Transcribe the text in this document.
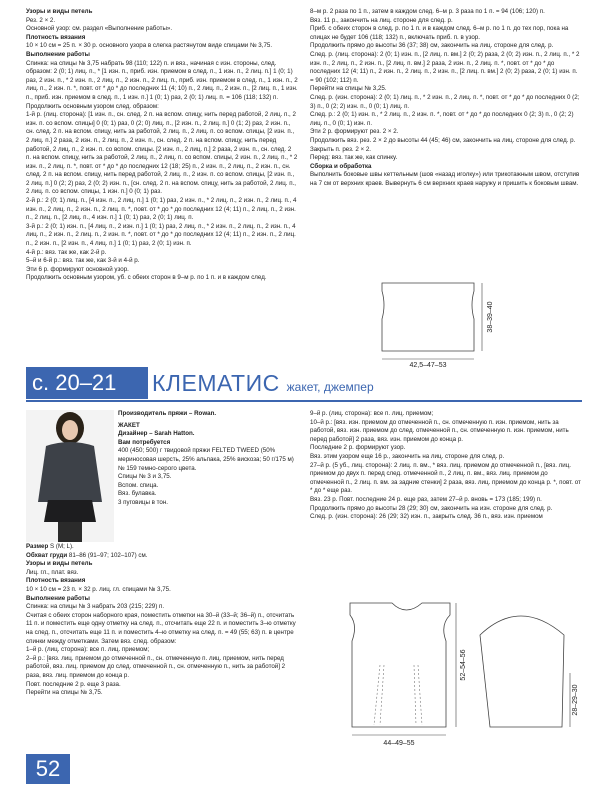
Узоры и виды петель

Рез. 2 × 2.

Основной узор: см. раздел «Выполнение работы».

Плотность вязания

10 × 10 см = 25 п. × 30 р. основного узора в слегка растянутом виде спицами № 3,75.

Выполнение работы

Спинка: на спицы № 3,75 набрать 98 (110; 122) п. и вяз., начиная с изн. стороны, след. образом: 2 (0; 1) лиц. п., * [1 изн. п., приб. изн. приемом в след. п., 1 изн. п., 2 лиц. п.] 1 (0; 1) раз, 2 изн. п., * 2 изн. п., 2 лиц. п., 2 изн. п., 2 лиц. п., приб. изн. приемом в след. п., 1 изн. п., 2 лиц. п., 2 изн. п. *, повт. от * до * до последних 11 (4; 10) п., 2 лиц. п., 2 изн. п., [2 лиц. п., 1 изн. п., приб. изн. приемом в след. п., 1 изн. п.] 1 (0; 1) раз, 2 (0; 1) лиц. п. = 106 (118; 132) п.

Продолжить основным узором след. образом:

1-й р. (лиц. сторона): [1 изн. п., сн. след. 2 п. на вспом. спицу, нить перед работой, 2 лиц. п., 2 изн. п. со вспом. спицы] 0 (0; 1) раз, 0 (2; 0) лиц. п., [2 изн. п., 2 лиц. п.] 0 (1; 2) раз, 2 изн. п., сн. след. 2 п. на вспом. спицу, нить за работой, 2 лиц. п., 2 лиц. п. со вспом. спицы, [2 изн. п., 2 лиц. п.] 2 раза, 2 изн. п., 2 лиц. п., 2 изн. п., сн. след. 2 п. на вспом. спицу, нить перед работой, 2 лиц. п., 2 изн. п. со вспом. спицы. [2 изн. п., 2 лиц. п.] 2 раза, 2 изн. п., сн. след. 2 п. на вспом. спицу, нить за работой, 2 лиц. п., 2 лиц. п. со вспом. спицы, 2 изн. п., 2 лиц. п., * 2 изн. п., 2 лиц. п. *, повт. от * до * до последних 12 (18; 25) п., 2 изн. п., 2 лиц. п., 2 изн. п., сн. след. 2 п. на вспом. спицу, нить перед работой, 2 лиц. п., 2 изн. п. со вспом. спицы, [2 изн. п., 2 лиц. п.] 0 (2; 2) раз, 2 (0; 2) изн. п., [сн. след. 2 п. на вспом. спицу, нить за работой, 2 лиц. п., 2 лиц. п. со вспом. спицы, 1 изн. п.] 0 (0; 1) раз.

2-й р.: 2 (0; 1) лиц. п., [4 изн. п., 2 лиц. п.] 1 (0; 1) раз, 2 изн. п., * 2 лиц. п., 2 изн. п., 2 лиц. п., 4 изн. п., 2 лиц. п., 2 изн. п., 2 лиц. п. *, повт. от * до * до последних 12 (4; 11) п., 2 лиц. п., 2 изн. п., 2 лиц. п., [2 лиц. п., 4 изн. п.] 1 (0; 1) раз, 2 (0; 1) лиц. п.

3-й р.: 2 (0; 1) изн. п., [4 лиц. п., 2 изн. п.] 1 (0; 1) раз, 2 лиц. п., * 2 изн. п., 2 лиц. п., 2 изн. п., 4 лиц. п., 2 изн. п., 2 лиц. п., 2 изн. п. *, повт. от * до * до последних 12 (4; 11) п., 2 изн. п., 2 лиц. п., 2 изн. п., [2 изн. п., 4 лиц. п.] 1 (0; 1) раз, 2 (0; 1) изн. п.

4-й р.: вяз. так же, как 2-й р.

5–й и 6-й р.: вяз. так же, как 3-й и 4-й р.

Эти 6 р. формируют основной узор.

Продолжить основным узором, уб. с обеих сторон в 9–м р. по 1 п. и в каждом след.

8–м р. 2 раза по 1 п., затем в каждом след. 6–м р. 3 раза по 1 п. = 94 (106; 120) п.

Вяз. 11 р., закончить на лиц. стороне для след. р.

Приб. с обеих сторон в след. р. по 1 п. и в каждом след. 6–м р. по 1 п. до тех пор, пока на спицах не будет 106 (118; 132) п., включать приб. п. в узор.

Продолжить прямо до высоты 36 (37; 38) см, закончить на лиц. стороне для след. р.

След. р. (лиц. сторона): 2 (0; 1) изн. п., [2 лиц. п. вм.] 2 (0; 2) раза, 2 (0; 2) изн. п., 2 лиц. п., * 2 изн. п., 2 лиц. п., 2 изн. п., [2 лиц. п. вм.] 2 раза, 2 изн. п., 2 лиц. п. *, повт. от * до * до последних 12 (4; 11) п., 2 изн. п., 2 лиц. п., 2 изн. п., [2 лиц. п. вм.] 2 (0; 2) раза, 2 (0; 1) изн. п. = 90 (102; 112) п.

Перейти на спицы № 3,25.

След. р. (изн. сторона): 2 (0; 1) лиц. п., * 2 изн. п., 2 лиц. п. *, повт. от * до * до последних 0 (2; 3) п., 0 (2; 2) изн. п., 0 (0; 1) лиц. п.

След. р.: 2 (0; 1) изн. п., * 2 лиц. п., 2 изн. п. *, повт. от * до * до последних 0 (2; 3) п., 0 (2; 2) лиц. п., 0 (0; 1) изн. п.

Эти 2 р. формируют рез. 2 × 2.

Продолжить вяз. рез. 2 × 2 до высоты 44 (45; 46) см, закончить на лиц. стороне для след. р.

Закрыть п. рез. 2 × 2.

Перед: вяз. так же, как спинку.

Сборка и обработка

Выполнить боковые швы кеттельным (шов «назад иголку») или трикотажным швом, отступив на 7 см от верхних краев. Вывернуть 6 см верхних краев наружу и пришить к боковым швам.

42,5–47–53
38–39–40
с. 20–21	КЛЕМАТИС жакет, джемпер

Производитель пряжи – Rowan.

ЖАКЕТ

Дизайнер – Sarah Hatton.

Вам потребуется

400 (450; 500) г твидовой пряжи FELTED TWEED (50% мериносовая шерсть, 25% альпака, 25% вискоза; 50 г/175 м) № 159 темно-серого цвета.

Спицы № 3 и 3,75.

Вспом. спица.

Вяз. булавка.

3 пуговицы в тон.

Размер S (M; L).

Обхват груди 81–86 (91–97; 102–107) см.

Узоры и виды петель

Лиц. гл., плат. вяз.

Плотность вязания

10 × 10 см = 23 п. × 32 р. лиц. гл. спицами № 3,75.

Выполнение работы

Спинка: на спицы № 3 набрать 203 (215; 229) п.

Считая с обеих сторон наборного края, поместить отметки на 30–й (33–й; 36–й) п., отсчитать 11 п. и поместить еще одну отметку на след. п., отсчитать еще 22 п. и поместить 3–ю отметку на след. п., отсчитать еще 11 п. и поместить 4–ю отметку на след. п. = 49 (55; 63) п. в центре спинки между отметками. Затем вяз. след. образом:

1–й р. (лиц. сторона): все п. лиц. приемом;

2–й р.: [вяз. лиц. приемом до отмеченной п., сн. отмеченную п. лиц. приемом, нить перед работой, вяз. лиц. приемом до след. отмеченной п., сн. отмеченную п., нить за работой] 2 раза, вяз. лиц. приемом до конца р.

Повт. последние 2 р. еще 3 раза.

Перейти на спицы № 3,75.

9–й р. (лиц. сторона): все п. лиц. приемом;

10–й р.: [вяз. изн. приемом до отмеченной п., сн. отмеченную п. изн. приемом, нить за работой, вяз. изн. приемом до след. отмеченной п., сн. отмеченную п. изн. приемом, нить перед работой] 2 раза, вяз. изн. приемом до конца р.

Последние 2 р. формируют узор.

Вяз. этим узором еще 16 р., закончить на лиц. стороне для след. р.

27–й р. (5 уб., лиц. сторона): 2 лиц. п. вм., * вяз. лиц. приемом до отмеченной п., [вяз. лиц. приемом до двух п. перед след. отмеченной п., 2 лиц. п. вм., вяз. лиц. приемом до отмеченной п., 2 лиц. п. вм. за задние стенки] 2 раза, вяз. лиц. приемом до конца р. *, повт. от * до * еще раз.

Вяз. 23 р. Повт. последние 24 р. еще раз, затем 27–й р. вновь = 173 (185; 199) п.

Продолжить прямо до высоты 28 (29; 30) см, закончить на изн. стороне для след. р.

След. р. (изн. сторона): 26 (29; 32) изн. п., закрыть след. 36 п., вяз. изн. приемом

44–49–55
52–54–56
28–29–30
52
